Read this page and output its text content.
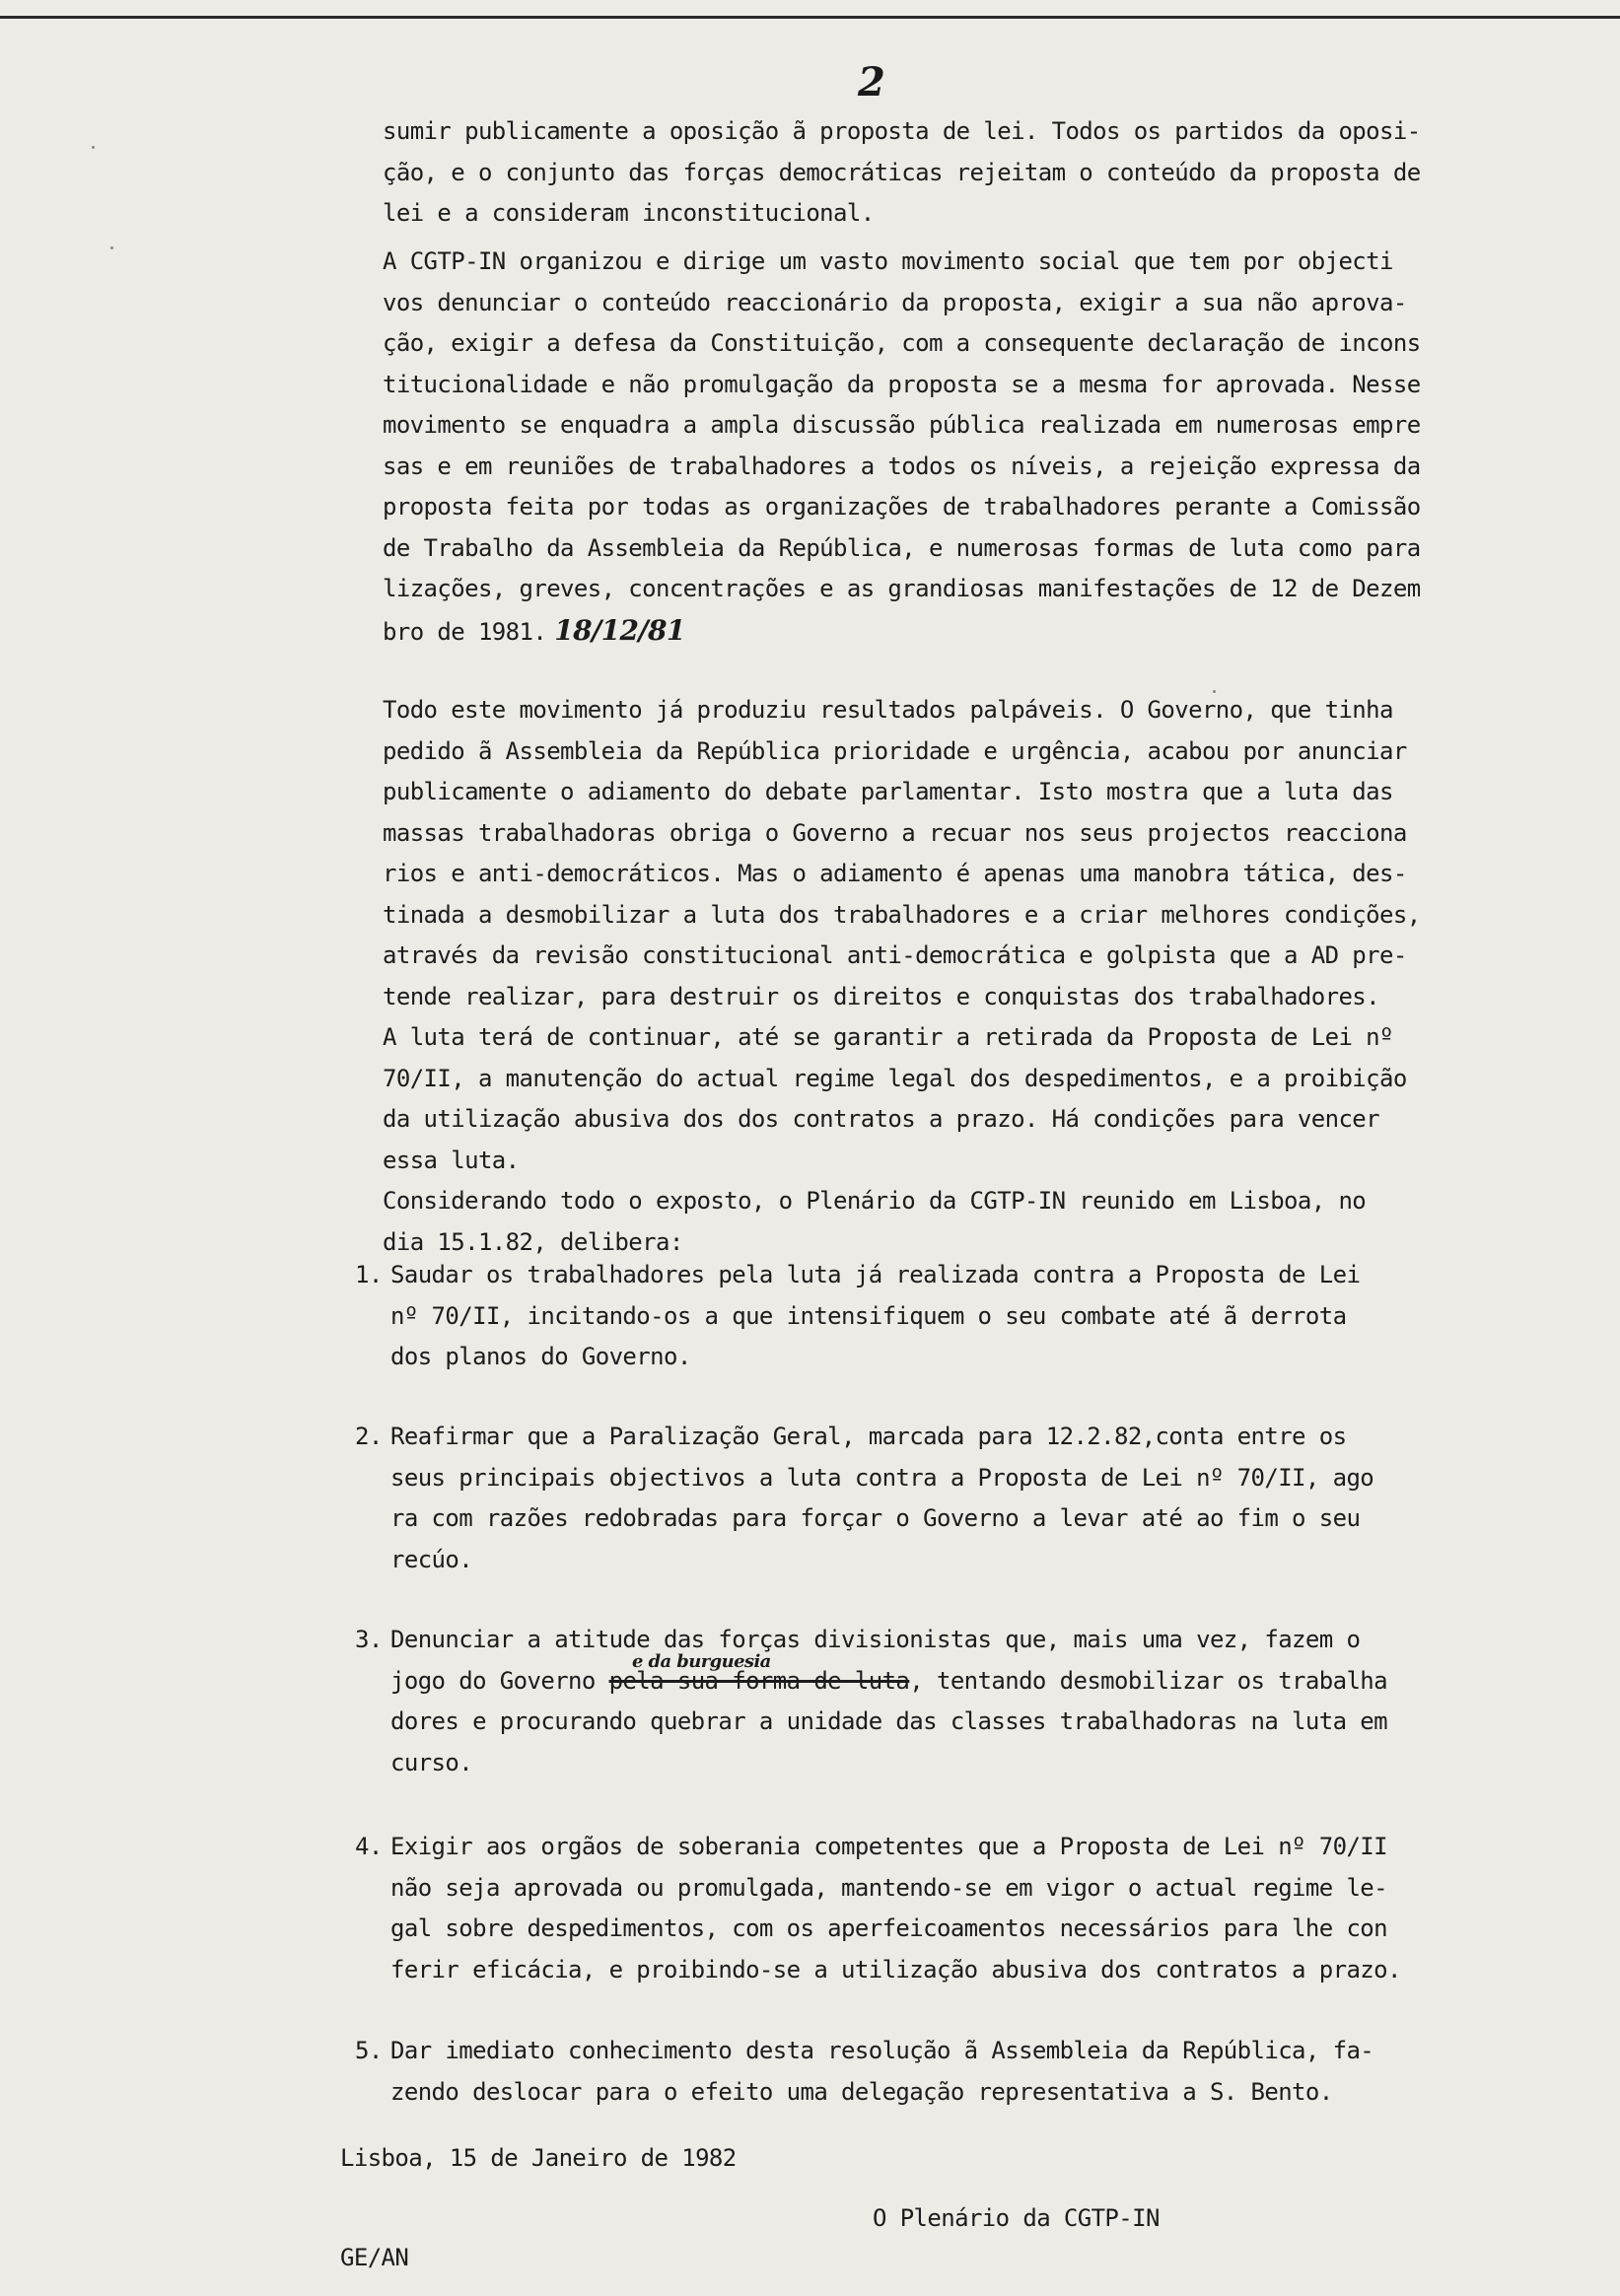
2
sumir publicamente a oposição ã proposta de lei. Todos os partidos da oposi-
ção, e o conjunto das forças democráticas rejeitam o conteúdo da proposta de
lei e a consideram inconstitucional.
A CGTP-IN organizou e dirige um vasto movimento social que tem por objecti
vos denunciar o conteúdo reaccionário da proposta, exigir a sua não aprova-
ção, exigir a defesa da Constituição, com a consequente declaração de incons
titucionalidade e não promulgação da proposta se a mesma for aprovada. Nesse
movimento se enquadra a ampla discussão pública realizada em numerosas empre
sas e em reuniões de trabalhadores a todos os níveis, a rejeição expressa da
proposta feita por todas as organizações de trabalhadores perante a Comissão
de Trabalho da Assembleia da República, e numerosas formas de luta como para
lizações, greves, concentrações e as grandiosas manifestações de 12 de Dezem
bro de 1981. 18/12/81
Todo este movimento já produziu resultados palpáveis. O Governo, que tinha
pedido ã Assembleia da República prioridade e urgência, acabou por anunciar
publicamente o adiamento do debate parlamentar. Isto mostra que a luta das
massas trabalhadoras obriga o Governo a recuar nos seus projectos reacciona
rios e anti-democráticos. Mas o adiamento é apenas uma manobra tática, des-
tinada a desmobilizar a luta dos trabalhadores e a criar melhores condições,
através da revisão constitucional anti-democrática e golpista que a AD pre-
tende realizar, para destruir os direitos e conquistas dos trabalhadores.
A luta terá de continuar, até se garantir a retirada da Proposta de Lei nº
70/II, a manutenção do actual regime legal dos despedimentos, e a proibição
da utilização abusiva dos dos contratos a prazo. Há condições para vencer
essa luta.
Considerando todo o exposto, o Plenário da CGTP-IN reunido em Lisboa, no
dia 15.1.82, delibera:
1. Saudar os trabalhadores pela luta já realizada contra a Proposta de Lei
nº 70/II, incitando-os a que intensifiquem o seu combate até ã derrota
dos planos do Governo.
2. Reafirmar que a Paralização Geral, marcada para 12.2.82,conta entre os
seus principais objectivos a luta contra a Proposta de Lei nº 70/II, ago
ra com razões redobradas para forçar o Governo a levar até ao fim o seu
recúo.
3. Denunciar a atitude das forças divisionistas que, mais uma vez, fazem o
jogo do Governo pela sua forma de luta, tentando desmobilizar os trabalha
e da burguesia
dores e procurando quebrar a unidade das classes trabalhadoras na luta em
curso.
4. Exigir aos orgãos de soberania competentes que a Proposta de Lei nº 70/II
não seja aprovada ou promulgada, mantendo-se em vigor o actual regime le-
gal sobre despedimentos, com os aperfeicoamentos necessários para lhe con
ferir eficácia, e proibindo-se a utilização abusiva dos contratos a prazo.
5. Dar imediato conhecimento desta resolução ã Assembleia da República, fa-
zendo deslocar para o efeito uma delegação representativa a S. Bento.
Lisboa, 15 de Janeiro de 1982
O Plenário da CGTP-IN
GE/AN
